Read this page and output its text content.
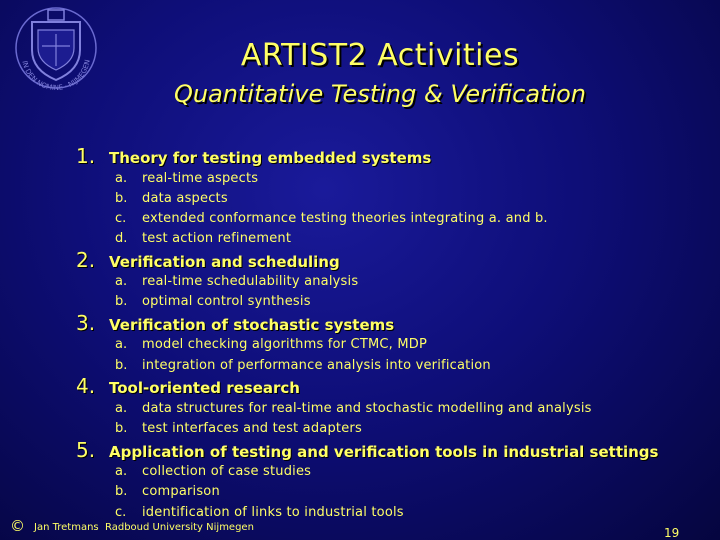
IN DEN NOMINE · NIJMEGEN	ARTIST2 Activities
Quantitative Testing & Verification
1. Theory for testing embedded systems
a. real-time aspects
b. data aspects
c. extended conformance testing theories integrating a. and b.
d. test action refinement
2. Verification and scheduling
a. real-time schedulability analysis
b. optimal control synthesis
3. Verification of stochastic systems
a. model checking algorithms for CTMC, MDP
b. integration of performance analysis into verification
4. Tool-oriented research
a. data structures for real-time and stochastic modelling and analysis
b. test interfaces and test adapters
5. Application of testing and verification tools in industrial settings
a. collection of case studies
b. comparison
c. identification of links to industrial tools
© Jan Tretmans Radboud University Nijmegen	19
